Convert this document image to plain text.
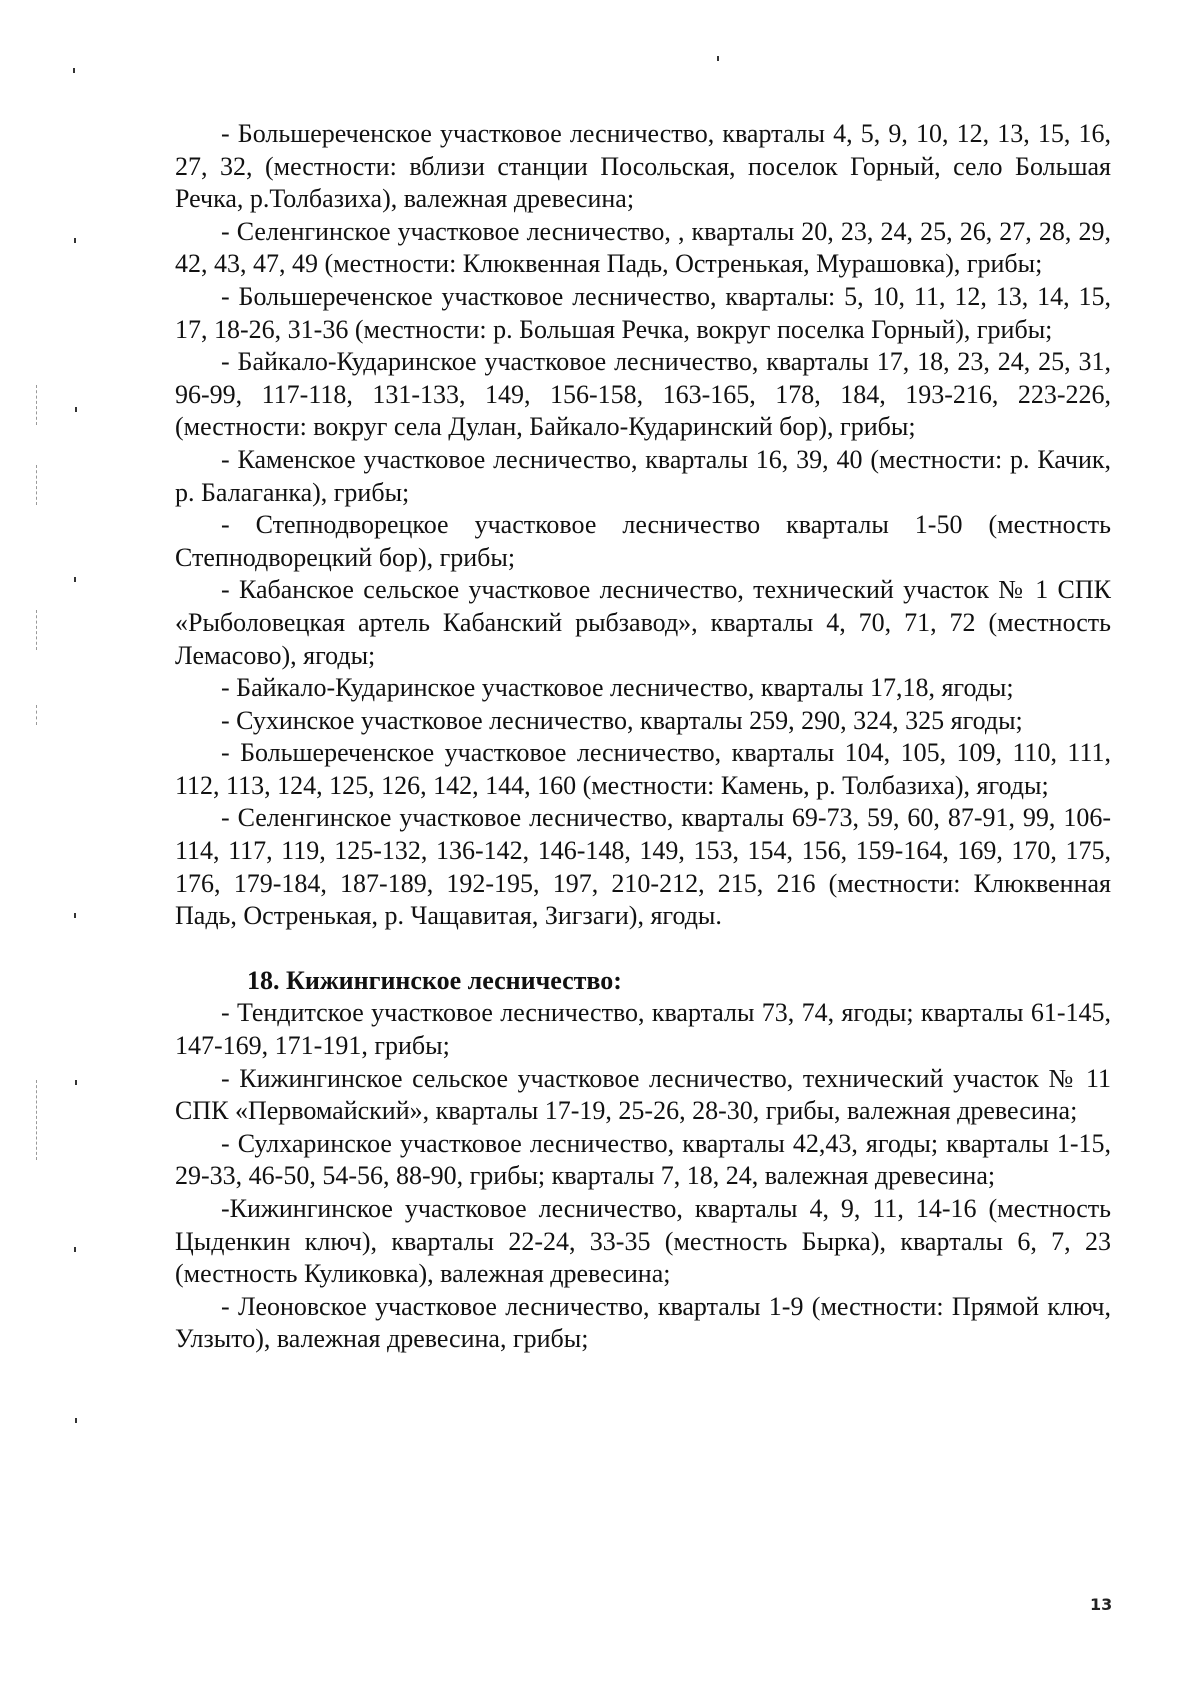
- Большереченское участковое лесничество, кварталы 4, 5, 9, 10, 12, 13, 15, 16, 27, 32, (местности: вблизи станции Посольская, поселок Горный, село Большая Речка, р.Толбазиха), валежная древесина;

- Селенгинское участковое лесничество, , кварталы 20, 23, 24, 25, 26, 27, 28, 29, 42, 43, 47, 49 (местности: Клюквенная Падь, Остренькая, Мурашовка), грибы;

- Большереченское участковое лесничество, кварталы: 5, 10, 11, 12, 13, 14, 15, 17, 18-26, 31-36 (местности: р. Большая Речка, вокруг поселка Горный), грибы;

- Байкало-Кударинское участковое лесничество, кварталы 17, 18, 23, 24, 25, 31, 96-99, 117-118, 131-133, 149, 156-158, 163-165, 178, 184, 193-216, 223-226, (местности: вокруг села Дулан, Байкало-Кударинский бор), грибы;

- Каменское участковое лесничество, кварталы 16, 39, 40 (местности: р. Качик, р. Балаганка), грибы;

- Степнодворецкое участковое лесничество кварталы 1-50 (местность Степнодворецкий бор), грибы;

- Кабанское сельское участковое лесничество, технический участок № 1 СПК «Рыболовецкая артель Кабанский рыбзавод», кварталы 4, 70, 71, 72 (местность Лемасово), ягоды;

- Байкало-Кударинское участковое лесничество, кварталы 17,18, ягоды;

- Сухинское участковое лесничество, кварталы 259, 290, 324, 325 ягоды;

- Большереченское участковое лесничество, кварталы 104, 105, 109, 110, 111, 112, 113, 124, 125, 126, 142, 144, 160 (местности: Камень, р. Толбазиха), ягоды;

- Селенгинское участковое лесничество, кварталы 69-73, 59, 60, 87-91, 99, 106-114, 117, 119, 125-132, 136-142, 146-148, 149, 153, 154, 156, 159-164, 169, 170, 175, 176, 179-184, 187-189, 192-195, 197, 210-212, 215, 216 (местности: Клюквенная Падь, Остренькая, р. Чащавитая, Зигзаги), ягоды.

18. Кижингинское лесничество:

- Тендитское участковое лесничество, кварталы 73, 74, ягоды; кварталы 61-145, 147-169, 171-191, грибы;

- Кижингинское сельское участковое лесничество, технический участок № 11 СПК «Первомайский», кварталы 17-19, 25-26, 28-30, грибы, валежная древесина;

- Сулхаринское участковое лесничество, кварталы 42,43, ягоды; кварталы 1-15, 29-33, 46-50, 54-56, 88-90, грибы; кварталы 7, 18, 24, валежная древесина;

-Кижингинское участковое лесничество, кварталы 4, 9, 11, 14-16 (местность Цыденкин ключ), кварталы 22-24, 33-35 (местность Бырка), кварталы 6, 7, 23 (местность Куликовка), валежная древесина;

- Леоновское участковое лесничество, кварталы 1-9 (местности: Прямой ключ, Улзыто), валежная древесина, грибы;

13
